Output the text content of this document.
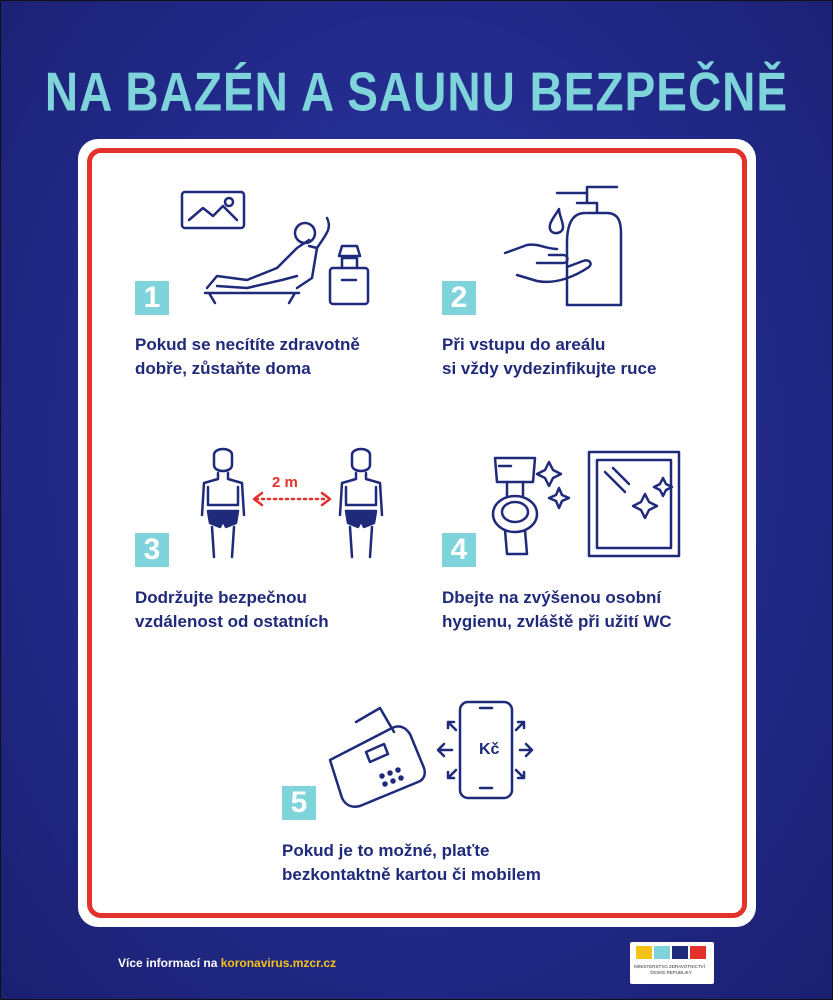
NA BAZÉN A SAUNU BEZPEČNĚ
1
Pokud se necítíte zdravotně
dobře, zůstaňte doma
2
Při vstupu do areálu
si vždy vydezinfikujte ruce
2 m
3
Dodržujte bezpečnou
vzdálenost od ostatních
4
Dbejte na zvýšenou osobní
hygienu, zvláště při užití WC
Kč
5
Pokud je to možné, plaťte
bezkontaktně kartou či mobilem
Více informací na koronavirus.mzcr.cz	MINISTERSTVO ZDRAVOTNICTVÍ
ČESKÉ REPUBLIKY
